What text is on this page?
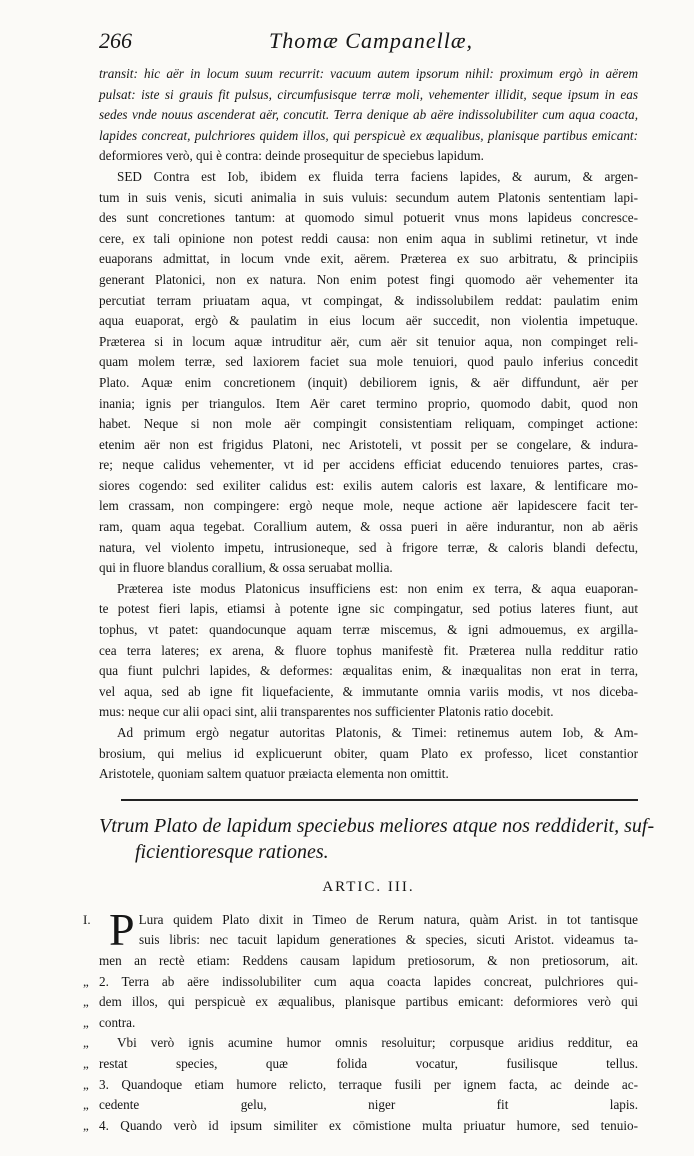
266	Thomæ Campanellæ,
transit: hic aër in locum suum recurrit: vacuum autem ipsorum nihil: proximum ergò in aërem
pulsat: iste si grauis fit pulsus, circumfusisque terræ moli, vehementer illidit, seque ipsum in eas
sedes vnde nouus ascenderat aër, concutit. Terra denique ab aëre indissolubiliter cum aqua coacta,
lapides concreat, pulchriores quidem illos, qui perspicuè ex æqualibus, planisque partibus emicant:
deformiores verò, qui è contra: deinde prosequitur de speciebus lapidum.
SED Contra est Iob, ibidem ex fluida terra faciens lapides, & aurum, & argen-
tum in suis venis, sicuti animalia in suis vuluis: secundum autem Platonis sententiam lapi-
des sunt concretiones tantum: at quomodo simul potuerit vnus mons lapideus concresce-
cere, ex tali opinione non potest reddi causa: non enim aqua in sublimi retinetur, vt inde
euaporans admittat, in locum vnde exit, aërem. Præterea ex suo arbitratu, & principiis
generant Platonici, non ex natura. Non enim potest fingi quomodo aër vehementer ita
percutiat terram priuatam aqua, vt compingat, & indissolubilem reddat: paulatim enim
aqua euaporat, ergò & paulatim in eius locum aër succedit, non violentia impetuque.
Præterea si in locum aquæ intruditur aër, cum aër sit tenuior aqua, non compinget reli-
quam molem terræ, sed laxiorem faciet sua mole tenuiori, quod paulo inferius concedit
Plato. Aquæ enim concretionem (inquit) debiliorem ignis, & aër diffundunt, aër per
inania; ignis per triangulos. Item Aër caret termino proprio, quomodo dabit, quod non
habet. Neque si non mole aër compingit consistentiam reliquam, compinget actione:
etenim aër non est frigidus Platoni, nec Aristoteli, vt possit per se congelare, & indura-
re; neque calidus vehementer, vt id per accidens efficiat educendo tenuiores partes, cras-
siores cogendo: sed exiliter calidus est: exilis autem caloris est laxare, & lentificare mo-
lem crassam, non compingere: ergò neque mole, neque actione aër lapidescere facit ter-
ram, quam aqua tegebat. Corallium autem, & ossa pueri in aëre indurantur, non ab aëris
natura, vel violento impetu, intrusioneque, sed à frigore terræ, & caloris blandi defectu,
qui in fluore blandus corallium, & ossa seruabat mollia.
Præterea iste modus Platonicus insufficiens est: non enim ex terra, & aqua euaporan-
te potest fieri lapis, etiamsi à potente igne sic compingatur, sed potius lateres fiunt, aut
tophus, vt patet: quandocunque aquam terræ miscemus, & igni admouemus, ex argilla-
cea terra lateres; ex arena, & fluore tophus manifestè fit. Præterea nulla redditur ratio
qua fiunt pulchri lapides, & deformes: æqualitas enim, & inæqualitas non erat in terra,
vel aqua, sed ab igne fit liquefaciente, & immutante omnia variis modis, vt nos diceba-
mus: neque cur alii opaci sint, alii transparentes nos sufficienter Platonis ratio docebit.
Ad primum ergò negatur autoritas Platonis, & Timei: retinemus autem Iob, & Am-
brosium, qui melius id explicuerunt obiter, quam Plato ex professo, licet constantior
Aristotele, quoniam saltem quatuor præiacta elementa non omittit.
Vtrum Plato de lapidum speciebus meliores atque nos reddiderit, suf-
ficientioresque rationes.
ARTIC. III.
I. P Lura quidem Plato dixit in Timeo de Rerum natura, quàm Arist. in tot tantisque
suis libris: nec tacuit lapidum generationes & species, sicuti Aristot. videamus ta-
men an rectè etiam: Reddens causam lapidum pretiosorum, & non pretiosorum, ait.
„ 2. Terra ab aëre indissolubiliter cum aqua coacta lapides concreat, pulchriores qui-
„ dem illos, qui perspicuè ex æqualibus, planisque partibus emicant: deformiores verò qui
„ contra.
„ Vbi verò ignis acumine humor omnis resoluitur; corpusque aridius redditur, ea
„ restat species, quæ folida vocatur, fusilisque tellus.
„ 3. Quandoque etiam humore relicto, terraque fusili per ignem facta, ac deinde ac-
„ cedente gelu, niger fit lapis.
„ 4. Quando verò id ipsum similiter ex cōmistione multa priuatur humore, sed tenuio-
